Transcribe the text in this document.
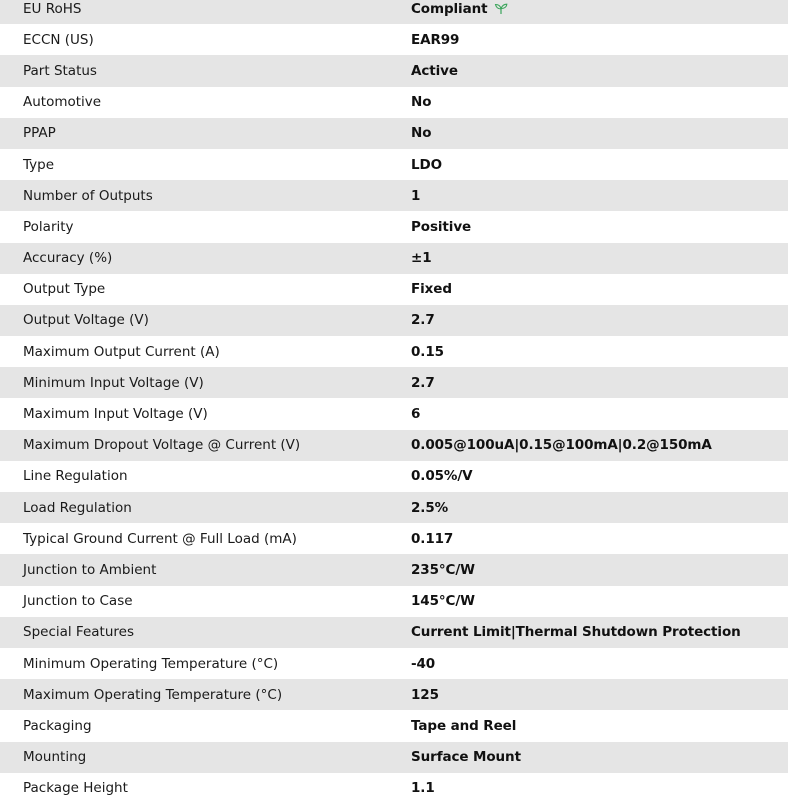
EU RoHS	Compliant
ECCN (US)	EAR99
Part Status	Active
Automotive	No
PPAP	No
Type	LDO
Number of Outputs	1
Polarity	Positive
Accuracy (%)	±1
Output Type	Fixed
Output Voltage (V)	2.7
Maximum Output Current (A)	0.15
Minimum Input Voltage (V)	2.7
Maximum Input Voltage (V)	6
Maximum Dropout Voltage @ Current (V)	0.005@100uA|0.15@100mA|0.2@150mA
Line Regulation	0.05%/V
Load Regulation	2.5%
Typical Ground Current @ Full Load (mA)	0.117
Junction to Ambient	235°C/W
Junction to Case	145°C/W
Special Features	Current Limit|Thermal Shutdown Protection
Minimum Operating Temperature (°C)	-40
Maximum Operating Temperature (°C)	125
Packaging	Tape and Reel
Mounting	Surface Mount
Package Height	1.1
